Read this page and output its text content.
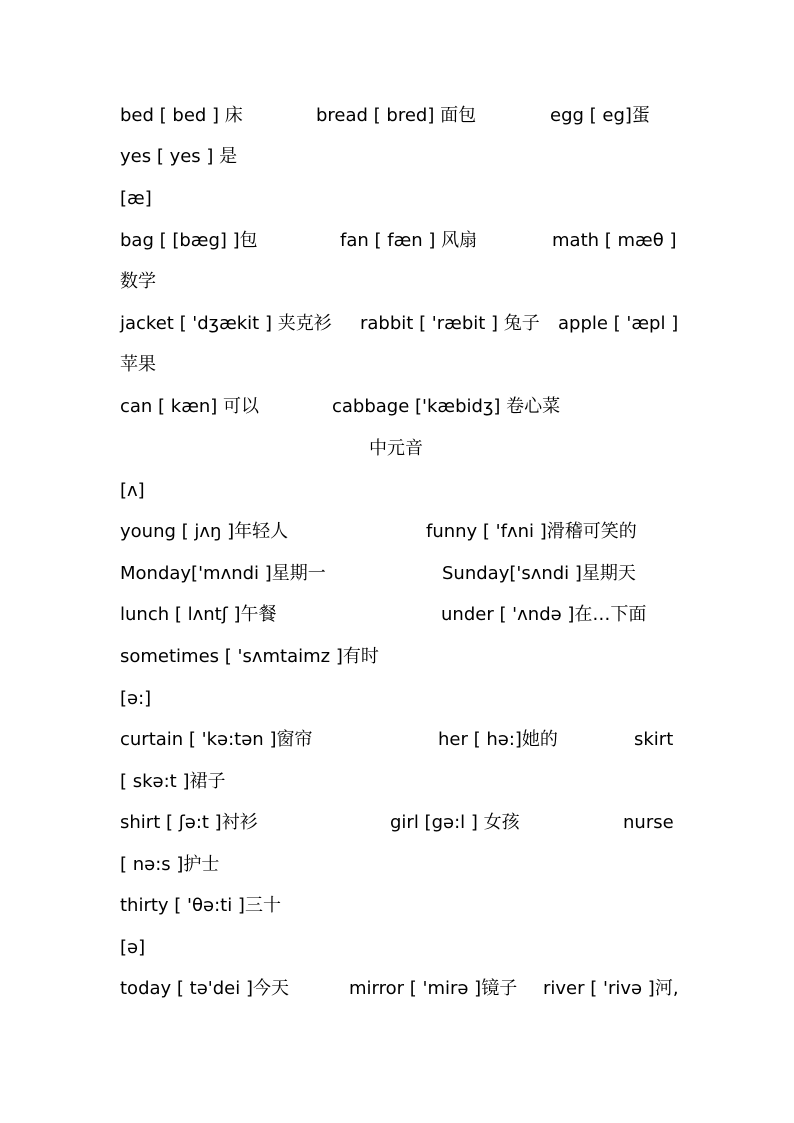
bed [ bed ] 床	bread [ bred] 面包	egg [ eg]蛋
yes [ yes ] 是
[æ]
bag [ [bæg] ]包	fan [ fæn ] 风扇	math [ mæθ ]
数学
jacket [ 'dʒækit ] 夹克衫 rabbit [ 'ræbit ] 兔子 apple [ 'æpl ]
苹果
can [ kæn] 可以	cabbage ['kæbidʒ] 卷心菜
中元音
[ʌ]
young [ jʌŋ ]年轻人	funny [ 'fʌni ]滑稽可笑的
Monday['mʌndi ]星期一	Sunday['sʌndi ]星期天
lunch [ lʌntʃ ]午餐	under [ 'ʌndə ]在…下面
sometimes [ 'sʌmtaimz ]有时
[ə:]
curtain [ 'kə:tən ]窗帘	her [ hə:]她的	skirt
[ skə:t ]裙子
shirt [ ʃə:t ]衬衫	girl [gə:l ] 女孩	nurse
[ nə:s ]护士
thirty [ 'θə:ti ]三十
[ə]
today [ tə'dei ]今天	mirror [ 'mirə ]镜子 river [ 'rivə ]河,
